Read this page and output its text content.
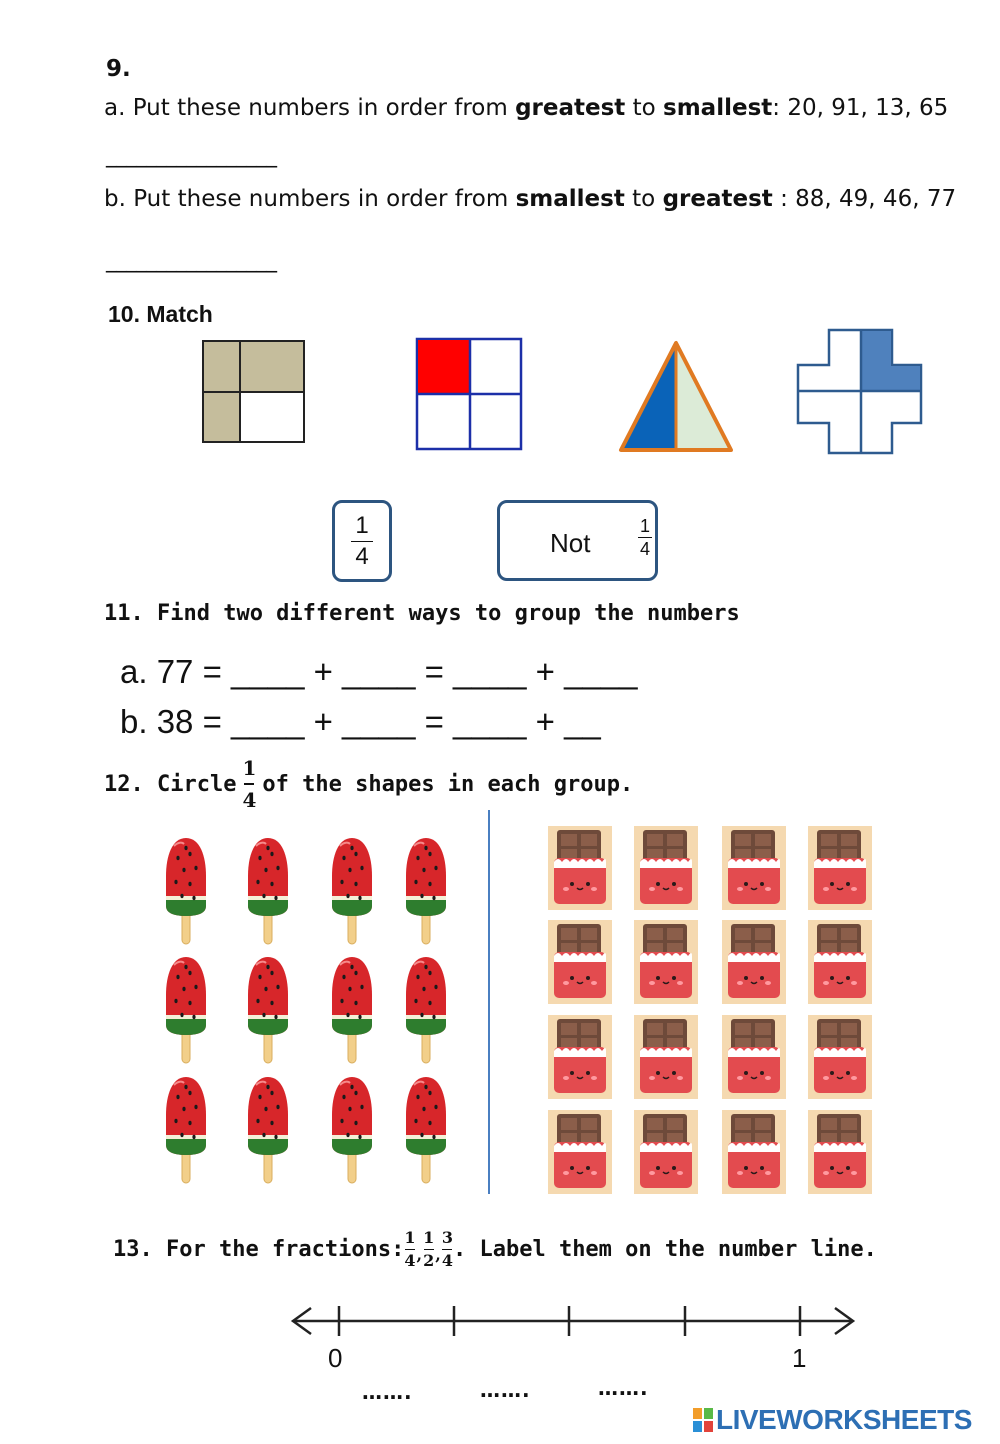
9.
a. Put these numbers in order from greatest to smallest: 20, 91, 13, 65
_________________
b. Put these numbers in order from smallest to greatest : 88, 49, 46, 77
_________________
10. Match
$\frac{1}{4}$	Not
1
4
11. Find two different ways to group the numbers
a. 77 = ____ + ____ = ____ + ____
b. 38 = ____ + ____ = ____ + __
12. Circle $\frac{1}{4}$ of the shapes in each group.
13. For the fractions: $\frac{1}{4}$ , $\frac{1}{2}$ , $\frac{3}{4}$ . Label them on the number line.
0	1
…….	…….	…….
LIVEWORKSHEETS
